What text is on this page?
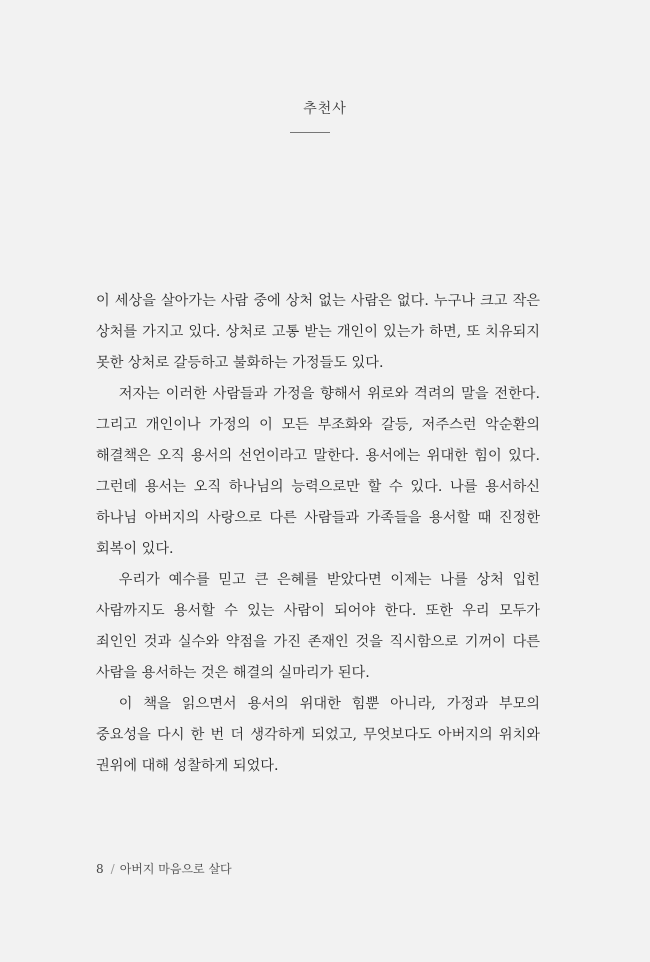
추천사

이 세상을 살아가는 사람 중에 상처 없는 사람은 없다. 누구나 크고 작은 상처를 가지고 있다. 상처로 고통 받는 개인이 있는가 하면, 또 치유되지 못한 상처로 갈등하고 불화하는 가정들도 있다.

저자는 이러한 사람들과 가정을 향해서 위로와 격려의 말을 전한다. 그리고 개인이나 가정의 이 모든 부조화와 갈등, 저주스런 악순환의 해결책은 오직 용서의 선언이라고 말한다. 용서에는 위대한 힘이 있다. 그런데 용서는 오직 하나님의 능력으로만 할 수 있다. 나를 용서하신 하나님 아버지의 사랑으로 다른 사람들과 가족들을 용서할 때 진정한 회복이 있다.

우리가 예수를 믿고 큰 은혜를 받았다면 이제는 나를 상처 입힌 사람까지도 용서할 수 있는 사람이 되어야 한다. 또한 우리 모두가 죄인인 것과 실수와 약점을 가진 존재인 것을 직시함으로 기꺼이 다른 사람을 용서하는 것은 해결의 실마리가 된다.

이 책을 읽으면서 용서의 위대한 힘뿐 아니라, 가정과 부모의 중요성을 다시 한 번 더 생각하게 되었고, 무엇보다도 아버지의 위치와 권위에 대해 성찰하게 되었다.

8 / 아버지 마음으로 살다
